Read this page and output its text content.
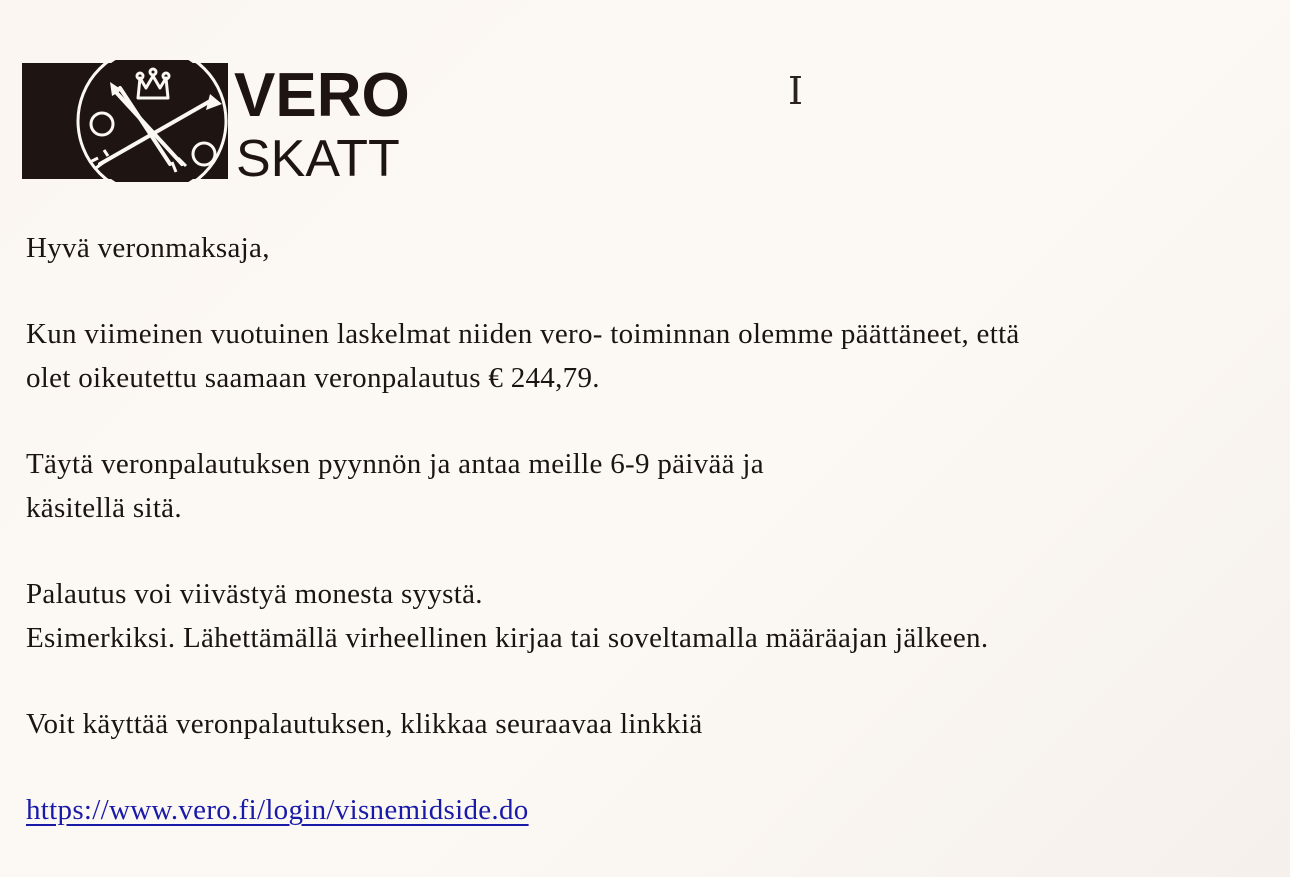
VERO
SKATT
I
Hyvä veronmaksaja,
Kun viimeinen vuotuinen laskelmat niiden vero- toiminnan olemme päättäneet, että
olet oikeutettu saamaan veronpalautus € 244,79.
Täytä veronpalautuksen pyynnön ja antaa meille 6-9 päivää ja
käsitellä sitä.
Palautus voi viivästyä monesta syystä.
Esimerkiksi. Lähettämällä virheellinen kirjaa tai soveltamalla määräajan jälkeen.
Voit käyttää veronpalautuksen, klikkaa seuraavaa linkkiä
https://www.vero.fi/login/visnemidside.do
